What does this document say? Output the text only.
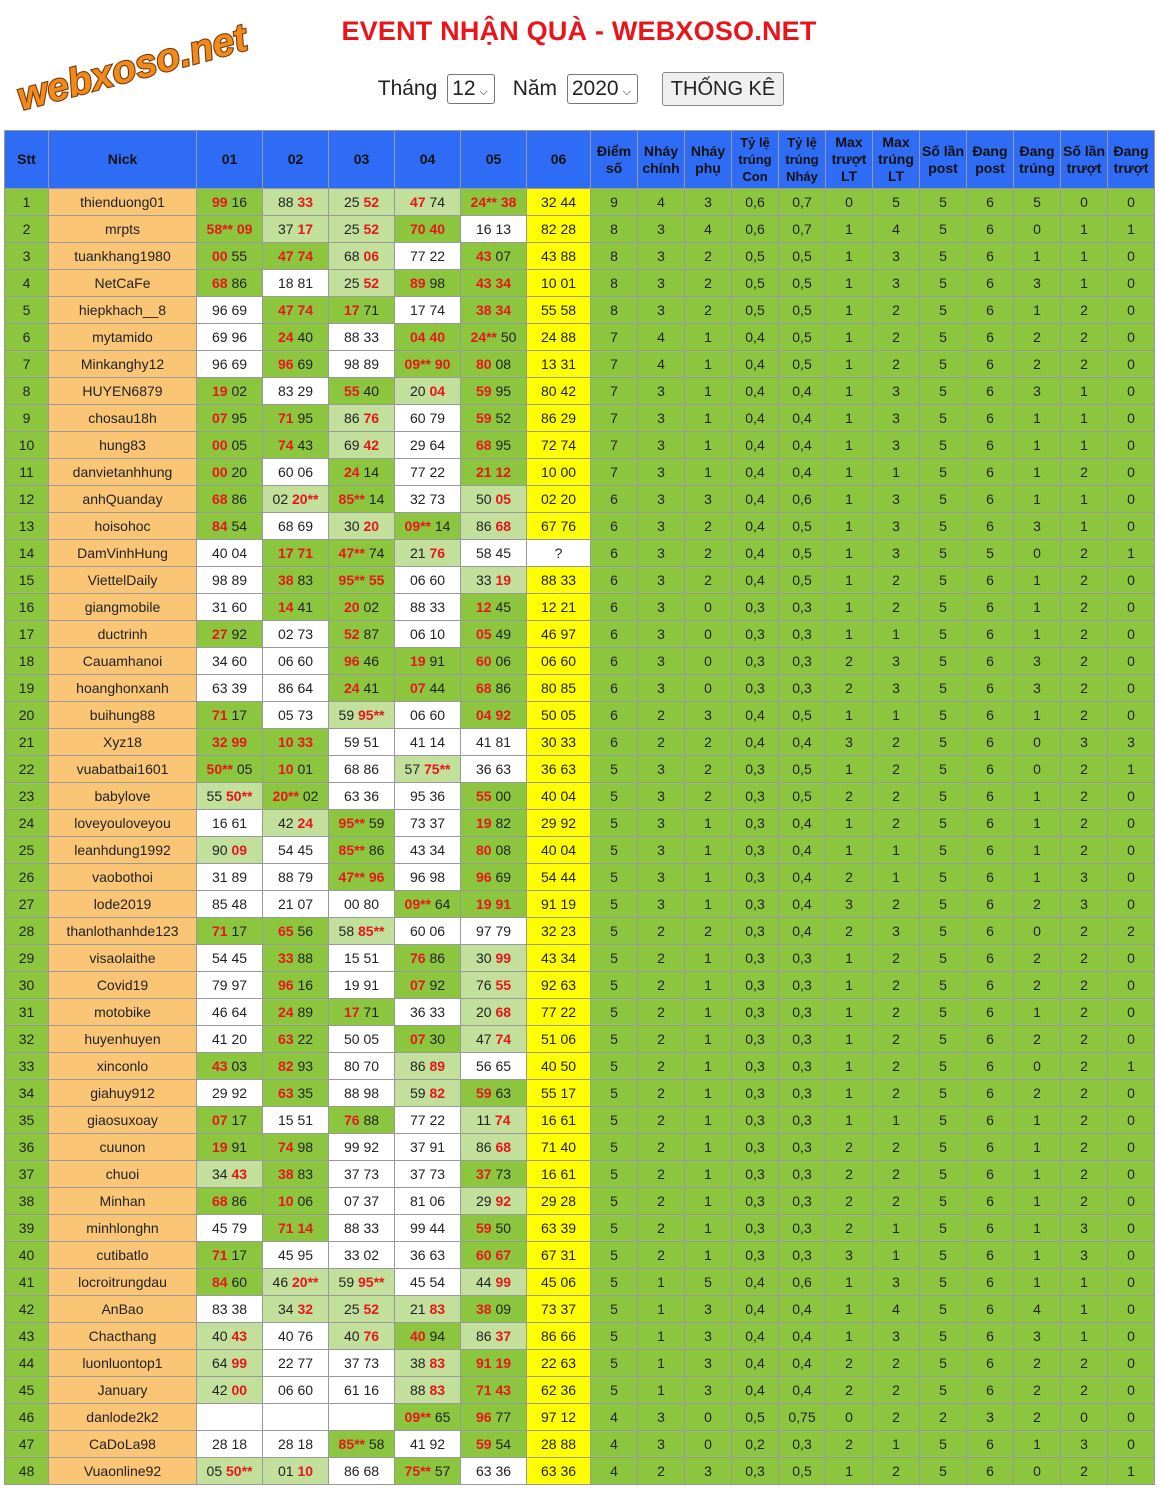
webxoso.net	EVENT NHẬN QUÀ - WEBXOSO.NET
Tháng 12 ⌵ Năm 2020 ⌵ THỐNG KÊ
Stt	Nick	01	02	03	04	05	06	Điểm số	Nháy chính	Nháy phụ	Tỷ lệ trúng Con	Tỷ lệ trúng Nháy	Max trượt LT	Max trúng LT	Số lần post	Đang post	Đang trúng	Số lần trượt	Đang trượt
1	thienduong01	99 16	88 33	25 52	47 74	24** 38	32 44	9	4	3	0,6	0,7	0	5	5	6	5	0	0
2	mrpts	58** 09	37 17	25 52	70 40	16 13	82 28	8	3	4	0,6	0,7	1	4	5	6	0	1	1
3	tuankhang1980	00 55	47 74	68 06	77 22	43 07	43 88	8	3	2	0,5	0,5	1	3	5	6	1	1	0
4	NetCaFe	68 86	18 81	25 52	89 98	43 34	10 01	8	3	2	0,5	0,5	1	3	5	6	3	1	0
5	hiepkhach__8	96 69	47 74	17 71	17 74	38 34	55 58	8	3	2	0,5	0,5	1	2	5	6	1	2	0
6	mytamido	69 96	24 40	88 33	04 40	24** 50	24 88	7	4	1	0,4	0,5	1	2	5	6	2	2	0
7	Minkanghy12	96 69	96 69	98 89	09** 90	80 08	13 31	7	4	1	0,4	0,5	1	2	5	6	2	2	0
8	HUYEN6879	19 02	83 29	55 40	20 04	59 95	80 42	7	3	1	0,4	0,4	1	3	5	6	3	1	0
9	chosau18h	07 95	71 95	86 76	60 79	59 52	86 29	7	3	1	0,4	0,4	1	3	5	6	1	1	0
10	hung83	00 05	74 43	69 42	29 64	68 95	72 74	7	3	1	0,4	0,4	1	3	5	6	1	1	0
11	danvietanhhung	00 20	60 06	24 14	77 22	21 12	10 00	7	3	1	0,4	0,4	1	1	5	6	1	2	0
12	anhQuanday	68 86	02 20**	85** 14	32 73	50 05	02 20	6	3	3	0,4	0,6	1	3	5	6	1	1	0
13	hoisohoc	84 54	68 69	30 20	09** 14	86 68	67 76	6	3	2	0,4	0,5	1	3	5	6	3	1	0
14	DamVinhHung	40 04	17 71	47** 74	21 76	58 45	?	6	3	2	0,4	0,5	1	3	5	5	0	2	1
15	ViettelDaily	98 89	38 83	95** 55	06 60	33 19	88 33	6	3	2	0,4	0,5	1	2	5	6	1	2	0
16	giangmobile	31 60	14 41	20 02	88 33	12 45	12 21	6	3	0	0,3	0,3	1	2	5	6	1	2	0
17	ductrinh	27 92	02 73	52 87	06 10	05 49	46 97	6	3	0	0,3	0,3	1	1	5	6	1	2	0
18	Cauamhanoi	34 60	06 60	96 46	19 91	60 06	06 60	6	3	0	0,3	0,3	2	3	5	6	3	2	0
19	hoanghonxanh	63 39	86 64	24 41	07 44	68 86	80 85	6	3	0	0,3	0,3	2	3	5	6	3	2	0
20	buihung88	71 17	05 73	59 95**	06 60	04 92	50 05	6	2	3	0,4	0,5	1	1	5	6	1	2	0
21	Xyz18	32 99	10 33	59 51	41 14	41 81	30 33	6	2	2	0,4	0,4	3	2	5	6	0	3	3
22	vuabatbai1601	50** 05	10 01	68 86	57 75**	36 63	36 63	5	3	2	0,3	0,5	1	2	5	6	0	2	1
23	babylove	55 50**	20** 02	63 36	95 36	55 00	40 04	5	3	2	0,3	0,5	2	2	5	6	1	2	0
24	loveyouloveyou	16 61	42 24	95** 59	73 37	19 82	29 92	5	3	1	0,3	0,4	1	2	5	6	1	2	0
25	leanhdung1992	90 09	54 45	85** 86	43 34	80 08	40 04	5	3	1	0,3	0,4	1	1	5	6	1	2	0
26	vaobothoi	31 89	88 79	47** 96	96 98	96 69	54 44	5	3	1	0,3	0,4	2	1	5	6	1	3	0
27	lode2019	85 48	21 07	00 80	09** 64	19 91	91 19	5	3	1	0,3	0,4	3	2	5	6	2	3	0
28	thanlothanhde123	71 17	65 56	58 85**	60 06	97 79	32 23	5	2	2	0,3	0,4	2	3	5	6	0	2	2
29	visaolaithe	54 45	33 88	15 51	76 86	30 99	43 34	5	2	1	0,3	0,3	1	2	5	6	2	2	0
30	Covid19	79 97	96 16	19 91	07 92	76 55	92 63	5	2	1	0,3	0,3	1	2	5	6	2	2	0
31	motobike	46 64	24 89	17 71	36 33	20 68	77 22	5	2	1	0,3	0,3	1	2	5	6	1	2	0
32	huyenhuyen	41 20	63 22	50 05	07 30	47 74	51 06	5	2	1	0,3	0,3	1	2	5	6	2	2	0
33	xinconlo	43 03	82 93	80 70	86 89	56 65	40 50	5	2	1	0,3	0,3	1	2	5	6	0	2	1
34	giahuy912	29 92	63 35	88 98	59 82	59 63	55 17	5	2	1	0,3	0,3	1	2	5	6	2	2	0
35	giaosuxoay	07 17	15 51	76 88	77 22	11 74	16 61	5	2	1	0,3	0,3	1	1	5	6	1	2	0
36	cuunon	19 91	74 98	99 92	37 91	86 68	71 40	5	2	1	0,3	0,3	2	2	5	6	1	2	0
37	chuoi	34 43	38 83	37 73	37 73	37 73	16 61	5	2	1	0,3	0,3	2	2	5	6	1	2	0
38	Minhan	68 86	10 06	07 37	81 06	29 92	29 28	5	2	1	0,3	0,3	2	2	5	6	1	2	0
39	minhlonghn	45 79	71 14	88 33	99 44	59 50	63 39	5	2	1	0,3	0,3	2	1	5	6	1	3	0
40	cutibatlo	71 17	45 95	33 02	36 63	60 67	67 31	5	2	1	0,3	0,3	3	1	5	6	1	3	0
41	locroitrungdau	84 60	46 20**	59 95**	45 54	44 99	45 06	5	1	5	0,4	0,6	1	3	5	6	1	1	0
42	AnBao	83 38	34 32	25 52	21 83	38 09	73 37	5	1	3	0,4	0,4	1	4	5	6	4	1	0
43	Chacthang	40 43	40 76	40 76	40 94	86 37	86 66	5	1	3	0,4	0,4	1	3	5	6	3	1	0
44	luonluontop1	64 99	22 77	37 73	38 83	91 19	22 63	5	1	3	0,4	0,4	2	2	5	6	2	2	0
45	January	42 00	06 60	61 16	88 83	71 43	62 36	5	1	3	0,4	0,4	2	2	5	6	2	2	0
46	danlode2k2				09** 65	96 77	97 12	4	3	0	0,5	0,75	0	2	2	3	2	0	0
47	CaDoLa98	28 18	28 18	85** 58	41 92	59 54	28 88	4	3	0	0,2	0,3	2	1	5	6	1	3	0
48	Vuaonline92	05 50**	01 10	86 68	75** 57	63 36	63 36	4	2	3	0,3	0,5	1	2	5	6	0	2	1
